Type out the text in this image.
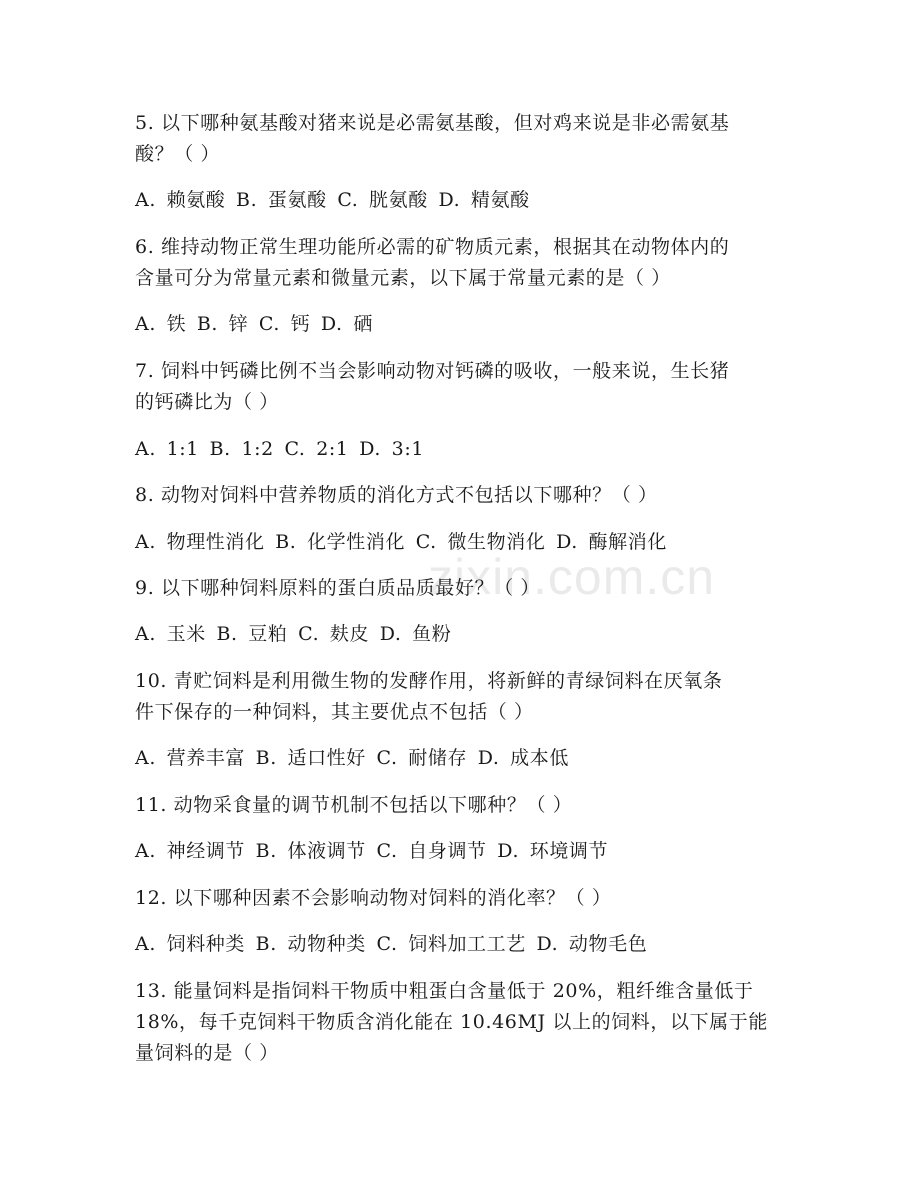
5. 以下哪种氨基酸对猪来说是必需氨基酸，但对鸡来说是非必需氨基
酸？（ ）
A. 赖氨酸 B. 蛋氨酸 C. 胱氨酸 D. 精氨酸
6. 维持动物正常生理功能所必需的矿物质元素，根据其在动物体内的
含量可分为常量元素和微量元素，以下属于常量元素的是（ ）
A. 铁 B. 锌 C. 钙 D. 硒
7. 饲料中钙磷比例不当会影响动物对钙磷的吸收，一般来说，生长猪
的钙磷比为（ ）
A. 1:1 B. 1:2 C. 2:1 D. 3:1
8. 动物对饲料中营养物质的消化方式不包括以下哪种？（ ）
A. 物理性消化 B. 化学性消化 C. 微生物消化 D. 酶解消化
9. 以下哪种饲料原料的蛋白质品质最好？（ ）
A. 玉米 B. 豆粕 C. 麸皮 D. 鱼粉
10. 青贮饲料是利用微生物的发酵作用，将新鲜的青绿饲料在厌氧条
件下保存的一种饲料，其主要优点不包括（ ）
A. 营养丰富 B. 适口性好 C. 耐储存 D. 成本低
11. 动物采食量的调节机制不包括以下哪种？（ ）
A. 神经调节 B. 体液调节 C. 自身调节 D. 环境调节
12. 以下哪种因素不会影响动物对饲料的消化率？（ ）
A. 饲料种类 B. 动物种类 C. 饲料加工工艺 D. 动物毛色
13. 能量饲料是指饲料干物质中粗蛋白含量低于 20%，粗纤维含量低于
18%，每千克饲料干物质含消化能在 10.46MJ 以上的饲料，以下属于能
量饲料的是（ ）
zixin.com.cn
